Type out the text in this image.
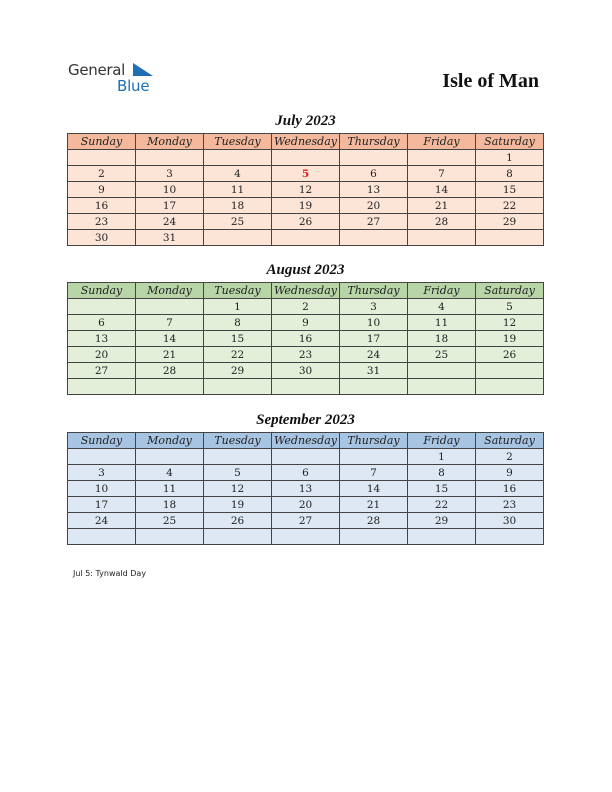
General
Blue	Isle of Man
July 2023
Sunday	Monday	Tuesday	Wednesday	Thursday	Friday	Saturday
						1
2	3	4	5	6	7	8
9	10	11	12	13	14	15
16	17	18	19	20	21	22
23	24	25	26	27	28	29
30	31					
August 2023
Sunday	Monday	Tuesday	Wednesday	Thursday	Friday	Saturday
		1	2	3	4	5
6	7	8	9	10	11	12
13	14	15	16	17	18	19
20	21	22	23	24	25	26
27	28	29	30	31		

September 2023
Sunday	Monday	Tuesday	Wednesday	Thursday	Friday	Saturday
					1	2
3	4	5	6	7	8	9
10	11	12	13	14	15	16
17	18	19	20	21	22	23
24	25	26	27	28	29	30

Jul 5: Tynwald Day
